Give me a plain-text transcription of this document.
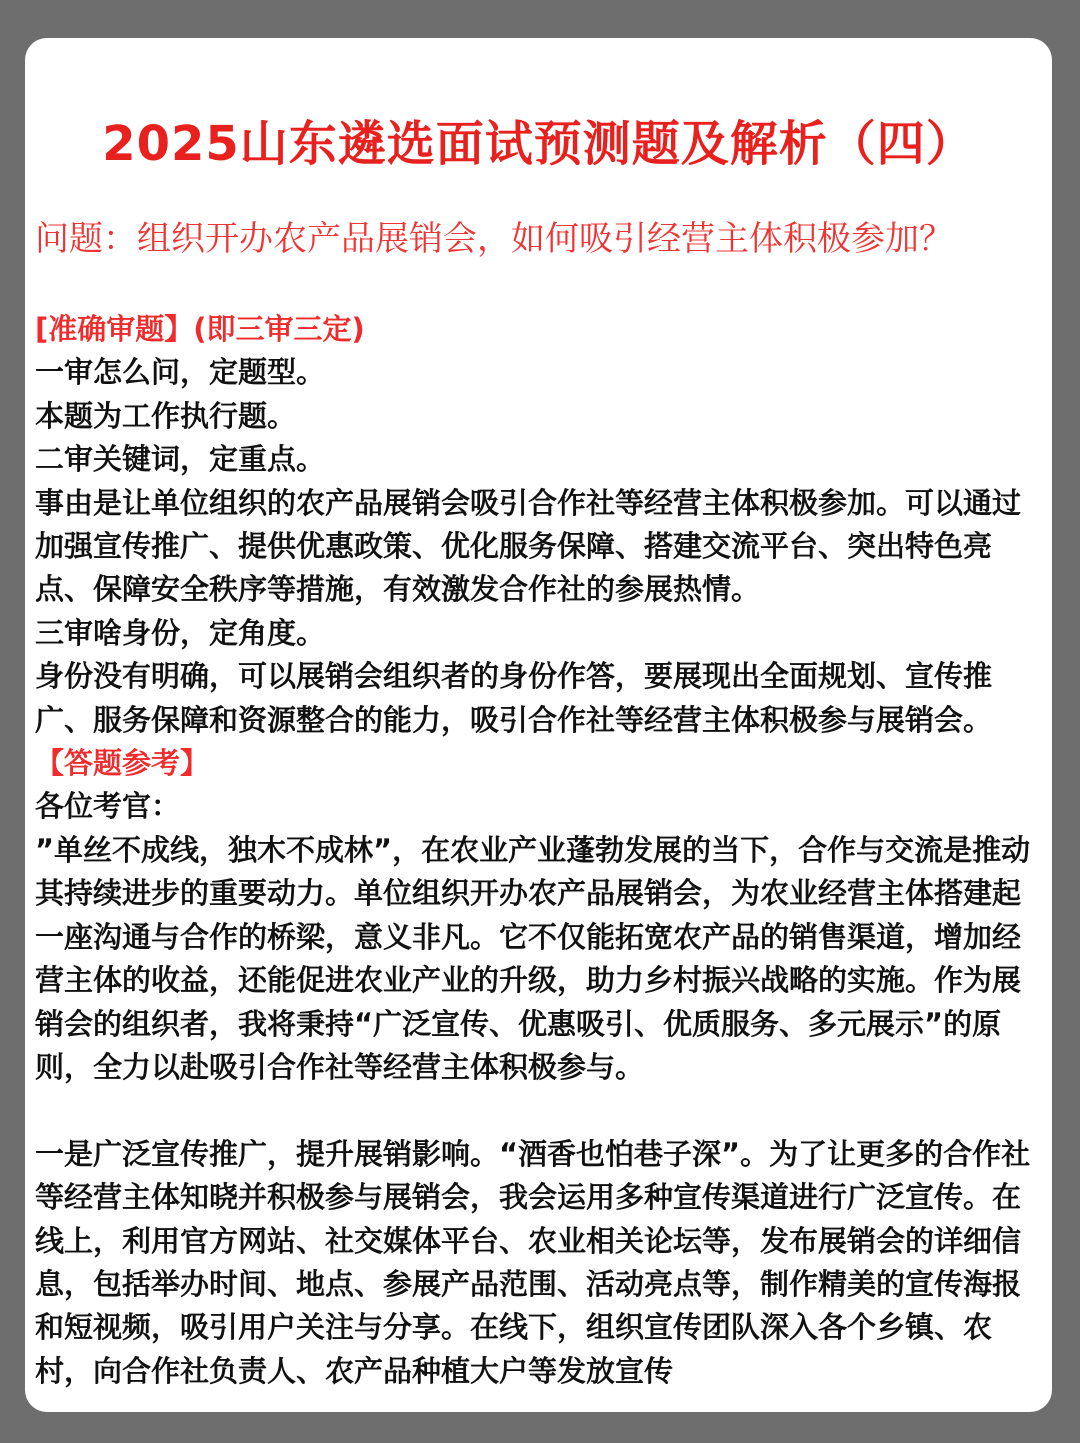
2025山东遴选面试预测题及解析（四）

问题：组织开办农产品展销会，如何吸引经营主体积极参加？

[准确审题】(即三审三定)

一审怎么问，定题型。

本题为工作执行题。

二审关键词，定重点。

事由是让单位组织的农产品展销会吸引合作社等经营主体积极参加。可以通过加强宣传推广、提供优惠政策、优化服务保障、搭建交流平台、突出特色亮点、保障安全秩序等措施，有效激发合作社的参展热情。

三审啥身份，定角度。

身份没有明确，可以展销会组织者的身份作答，要展现出全面规划、宣传推广、服务保障和资源整合的能力，吸引合作社等经营主体积极参与展销会。

【答题参考】

各位考官：

”单丝不成线，独木不成林”，在农业产业蓬勃发展的当下，合作与交流是推动其持续进步的重要动力。单位组织开办农产品展销会，为农业经营主体搭建起一座沟通与合作的桥梁，意义非凡。它不仅能拓宽农产品的销售渠道，增加经营主体的收益，还能促进农业产业的升级，助力乡村振兴战略的实施。作为展销会的组织者，我将秉持“广泛宣传、优惠吸引、优质服务、多元展示”的原则，全力以赴吸引合作社等经营主体积极参与。

一是广泛宣传推广，提升展销影响。“酒香也怕巷子深”。为了让更多的合作社等经营主体知晓并积极参与展销会，我会运用多种宣传渠道进行广泛宣传。在线上，利用官方网站、社交媒体平台、农业相关论坛等，发布展销会的详细信息，包括举办时间、地点、参展产品范围、活动亮点等，制作精美的宣传海报和短视频，吸引用户关注与分享。在线下，组织宣传团队深入各个乡镇、农村，向合作社负责人、农产品种植大户等发放宣传
